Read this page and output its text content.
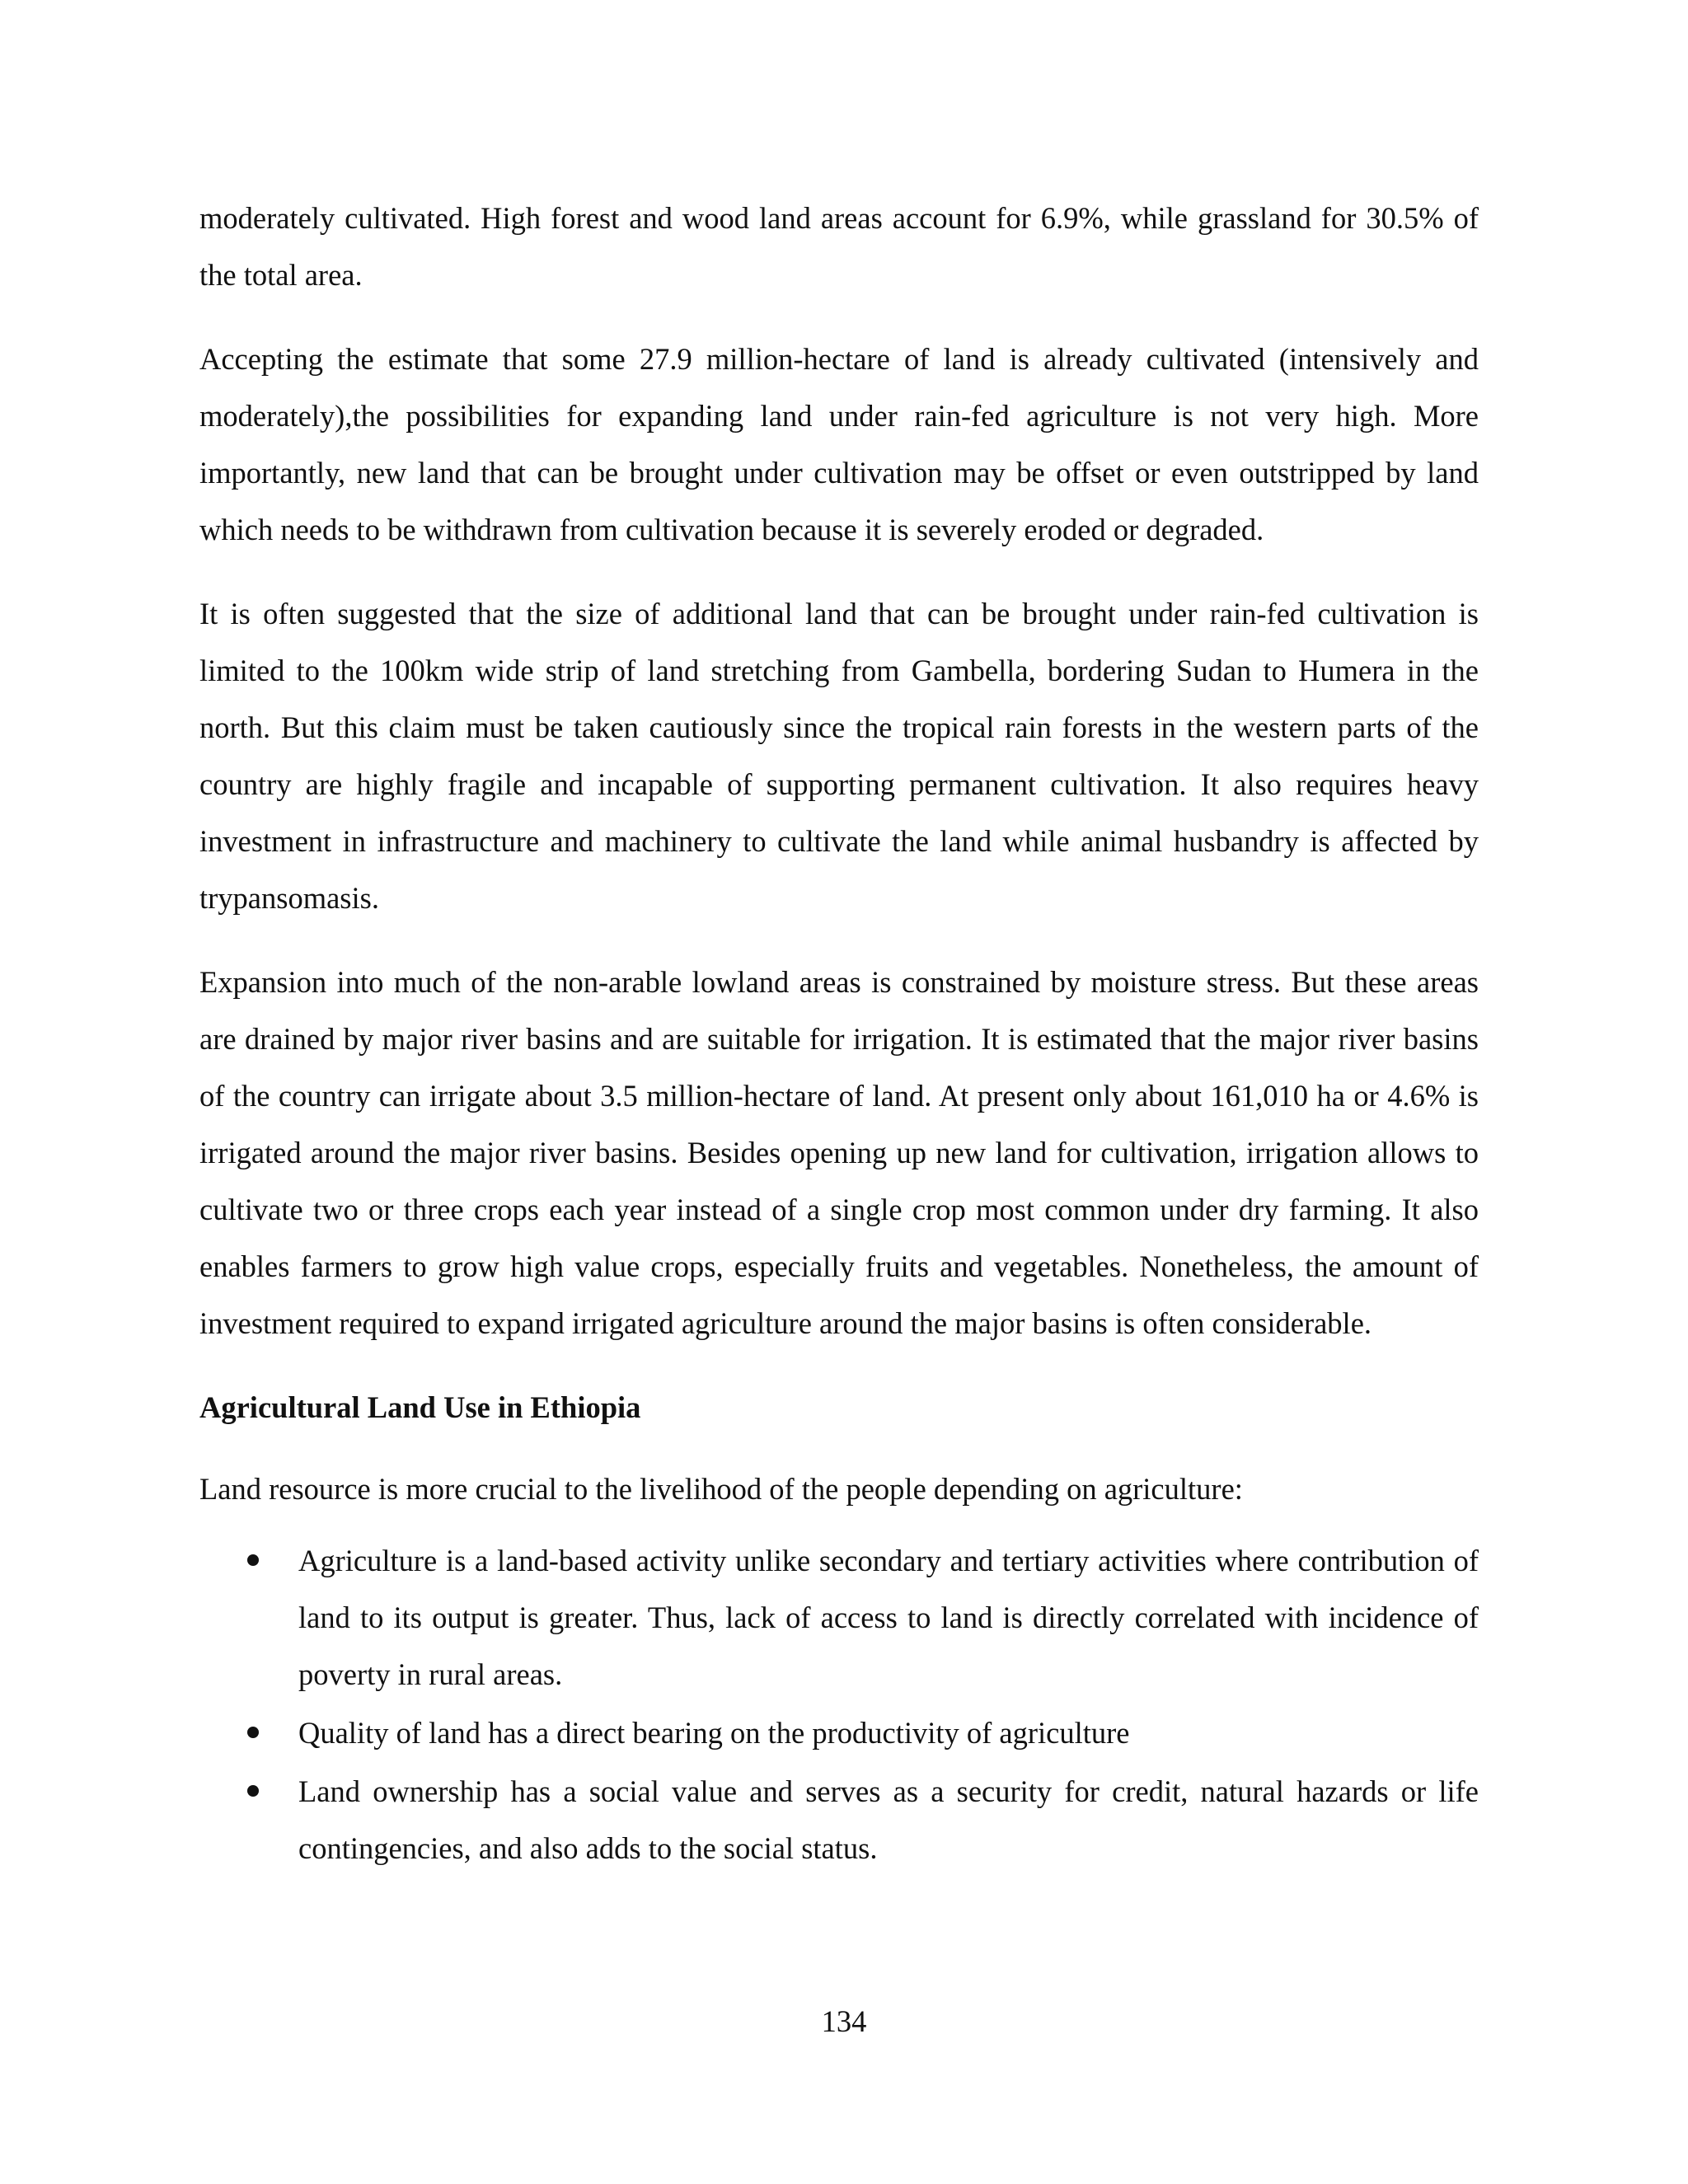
moderately cultivated. High forest and wood land areas account for 6.9%, while grassland for 30.5% of the total area.

Accepting the estimate that some 27.9 million-hectare of land is already cultivated (intensively and moderately),the possibilities for expanding land under rain-fed agriculture is not very high. More importantly, new land that can be brought under cultivation may be offset or even outstripped by land which needs to be withdrawn from cultivation because it is severely eroded or degraded.

It is often suggested that the size of additional land that can be brought under rain-fed cultivation is limited to the 100km wide strip of land stretching from Gambella, bordering Sudan to Humera in the north. But this claim must be taken cautiously since the tropical rain forests in the western parts of the country are highly fragile and incapable of supporting permanent cultivation. It also requires heavy investment in infrastructure and machinery to cultivate the land while animal husbandry is affected by trypansomasis.

Expansion into much of the non-arable lowland areas is constrained by moisture stress. But these areas are drained by major river basins and are suitable for irrigation. It is estimated that the major river basins of the country can irrigate about 3.5 million-hectare of land. At present only about 161,010 ha or 4.6% is irrigated around the major river basins. Besides opening up new land for cultivation, irrigation allows to cultivate two or three crops each year instead of a single crop most common under dry farming. It also enables farmers to grow high value crops, especially fruits and vegetables. Nonetheless, the amount of investment required to expand irrigated agriculture around the major basins is often considerable.

Agricultural Land Use in Ethiopia

Land resource is more crucial to the livelihood of the people depending on agriculture:

Agriculture is a land-based activity unlike secondary and tertiary activities where contribution of land to its output is greater. Thus, lack of access to land is directly correlated with incidence of poverty in rural areas.
Quality of land has a direct bearing on the productivity of agriculture
Land ownership has a social value and serves as a security for credit, natural hazards or life contingencies, and also adds to the social status.
134
